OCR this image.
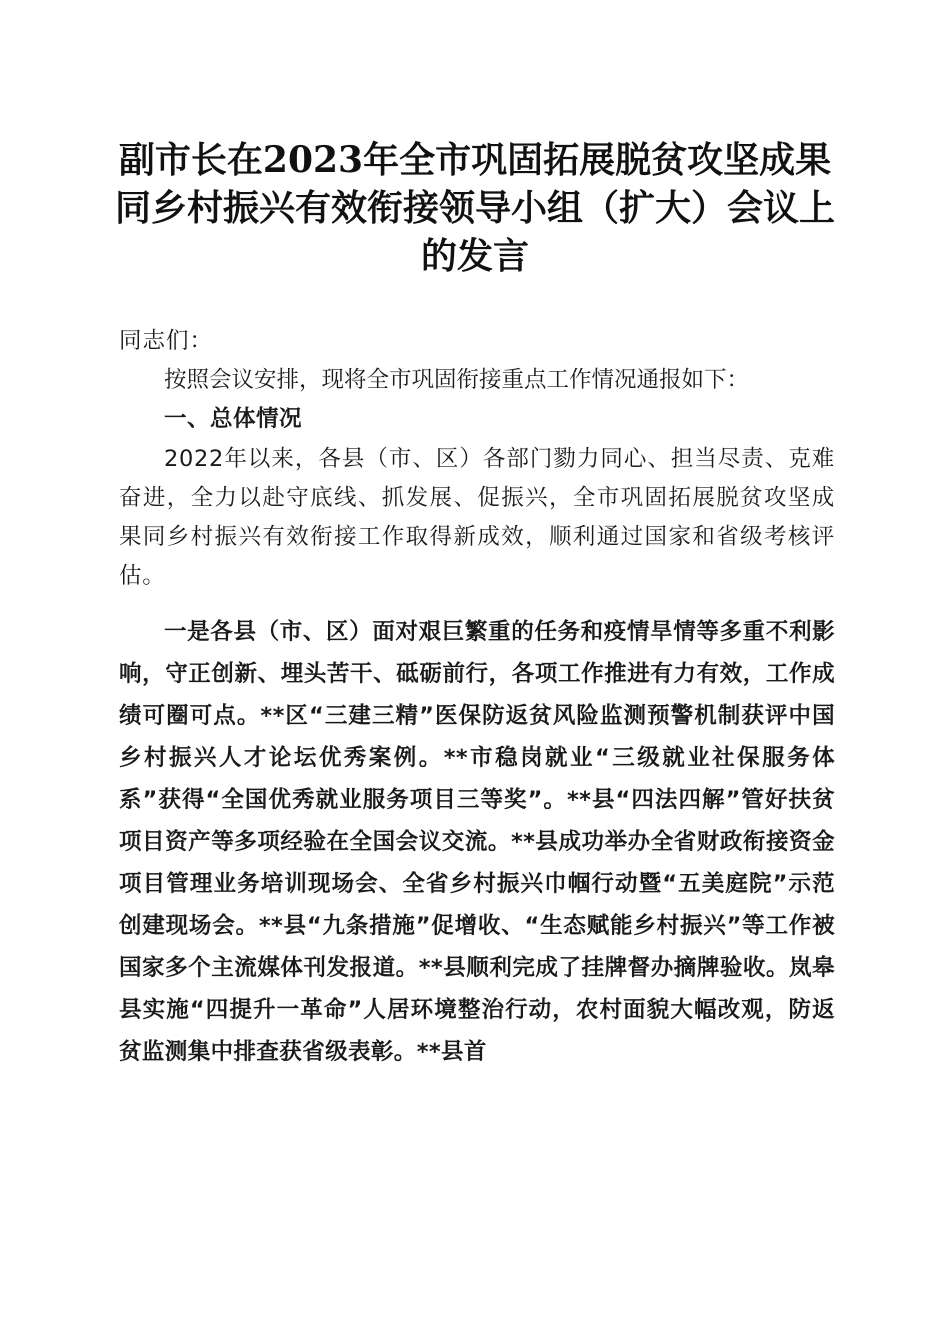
副市长在2023年全市巩固拓展脱贫攻坚成果
同乡村振兴有效衔接领导小组（扩大）会议上
的发言

同志们：

按照会议安排，现将全市巩固衔接重点工作情况通报如下：

一、总体情况

2022年以来，各县（市、区）各部门勠力同心、担当尽责、克难奋进，全力以赴守底线、抓发展、促振兴，全市巩固拓展脱贫攻坚成果同乡村振兴有效衔接工作取得新成效，顺利通过国家和省级考核评估。

一是各县（市、区）面对艰巨繁重的任务和疫情旱情等多重不利影响，守正创新、埋头苦干、砥砺前行，各项工作推进有力有效，工作成绩可圈可点。**区“三建三精”医保防返贫风险监测预警机制获评中国乡村振兴人才论坛优秀案例。**市稳岗就业“三级就业社保服务体系”获得“全国优秀就业服务项目三等奖”。**县“四法四解”管好扶贫项目资产等多项经验在全国会议交流。**县成功举办全省财政衔接资金项目管理业务培训现场会、全省乡村振兴巾帼行动暨“五美庭院”示范创建现场会。**县“九条措施”促增收、“生态赋能乡村振兴”等工作被国家多个主流媒体刊发报道。**县顺利完成了挂牌督办摘牌验收。岚皋县实施“四提升一革命”人居环境整治行动，农村面貌大幅改观，防返贫监测集中排查获省级表彰。**县首
